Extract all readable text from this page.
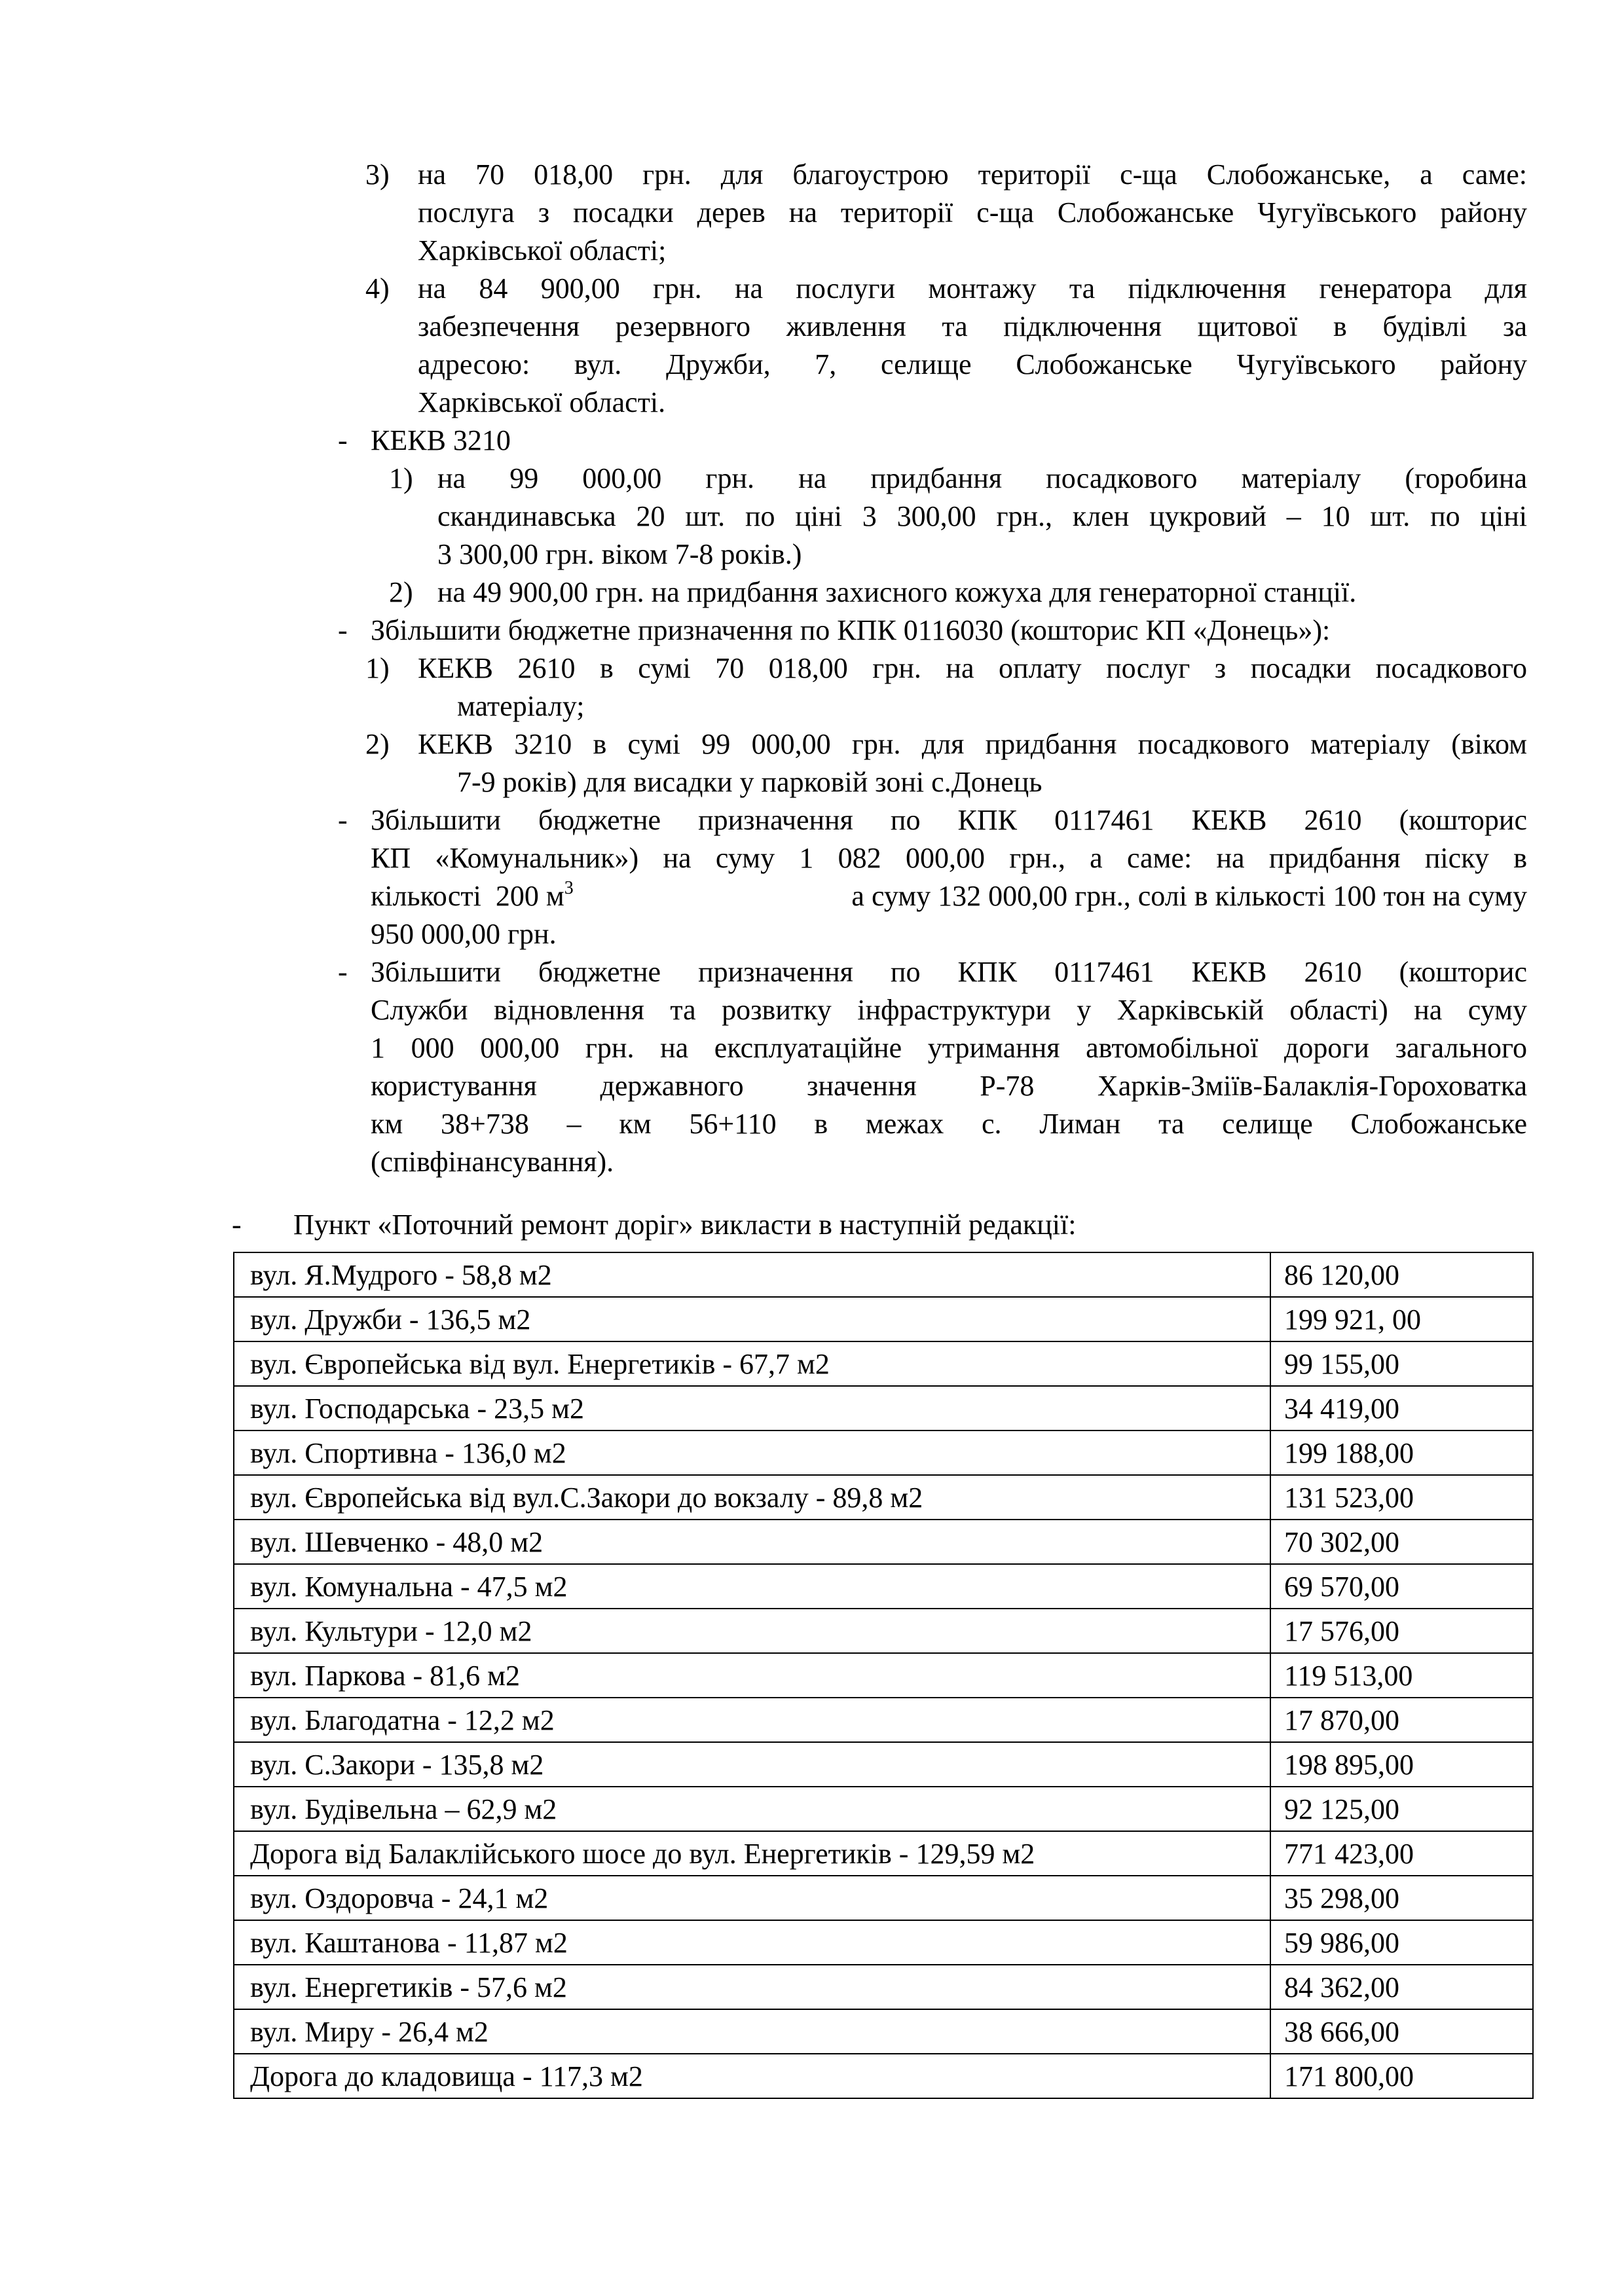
3) на 70 018,00 грн. для благоустрою території с-ща Слобожанське, а саме:
послуга з посадки дерев на території с-ща Слобожанське Чугуївського району
Харківської області;
4) на 84 900,00 грн. на послуги монтажу та підключення генератора для
забезпечення резервного живлення та підключення щитової в будівлі за
адресою: вул. Дружби, 7, селище Слобожанське Чугуївського району
Харківської області.
- КЕКВ 3210
1) на 99 000,00 грн. на придбання посадкового матеріалу (горобина
скандинавська 20 шт. по ціні 3 300,00 грн., клен цукровий – 10 шт. по ціні
3 300,00 грн. віком 7-8 років.)
2) на 49 900,00 грн. на придбання захисного кожуха для генераторної станції.
- Збільшити бюджетне призначення по КПК 0116030 (кошторис КП «Донець»):
1) КЕКВ 2610 в сумі 70 018,00 грн. на оплату послуг з посадки посадкового
матеріалу;
2) КЕКВ 3210 в сумі 99 000,00 грн. для придбання посадкового матеріалу (віком
7-9 років) для висадки у парковій зоні с.Донець
- Збільшити бюджетне призначення по КПК 0117461 КЕКВ 2610 (кошторис
КП «Комунальник») на суму 1 082 000,00 грн., а саме: на придбання піску в
кількості  200 $м^3$	а суму 132 000,00 грн., солі в кількості 100 тон на суму
950 000,00 грн.
- Збільшити бюджетне призначення по КПК 0117461 КЕКВ 2610 (кошторис
Служби відновлення та розвитку інфраструктури у Харківській області) на суму
1 000 000,00 грн. на експлуатаційне утримання автомобільної дороги загального
користування державного значення Р-78 Харків-Зміїв-Балаклія-Гороховатка
км 38+738 – км 56+110 в межах с. Лиман та селище Слобожанське
(співфінансування).
- Пункт «Поточний ремонт доріг» викласти в наступній редакції:
вул. Я.Мудрого - 58,8 м2	86 120,00
вул. Дружби - 136,5 м2	199 921, 00
вул. Європейська від вул. Енергетиків - 67,7 м2	99 155,00
вул. Господарська - 23,5 м2	34 419,00
вул. Спортивна - 136,0 м2	199 188,00
вул. Європейська від вул.С.Закори до вокзалу - 89,8 м2	131 523,00
вул. Шевченко - 48,0 м2	70 302,00
вул. Комунальна - 47,5 м2	69 570,00
вул. Культури - 12,0 м2	17 576,00
вул. Паркова - 81,6 м2	119 513,00
вул. Благодатна - 12,2 м2	17 870,00
вул. С.Закори - 135,8 м2	198 895,00
вул. Будівельна – 62,9 м2	92 125,00
Дорога від Балаклійського шосе до вул. Енергетиків - 129,59 м2	771 423,00
вул. Оздоровча - 24,1 м2	35 298,00
вул. Каштанова - 11,87 м2	59 986,00
вул. Енергетиків - 57,6 м2	84 362,00
вул. Миру - 26,4 м2	38 666,00
Дорога до кладовища - 117,3 м2	171 800,00
